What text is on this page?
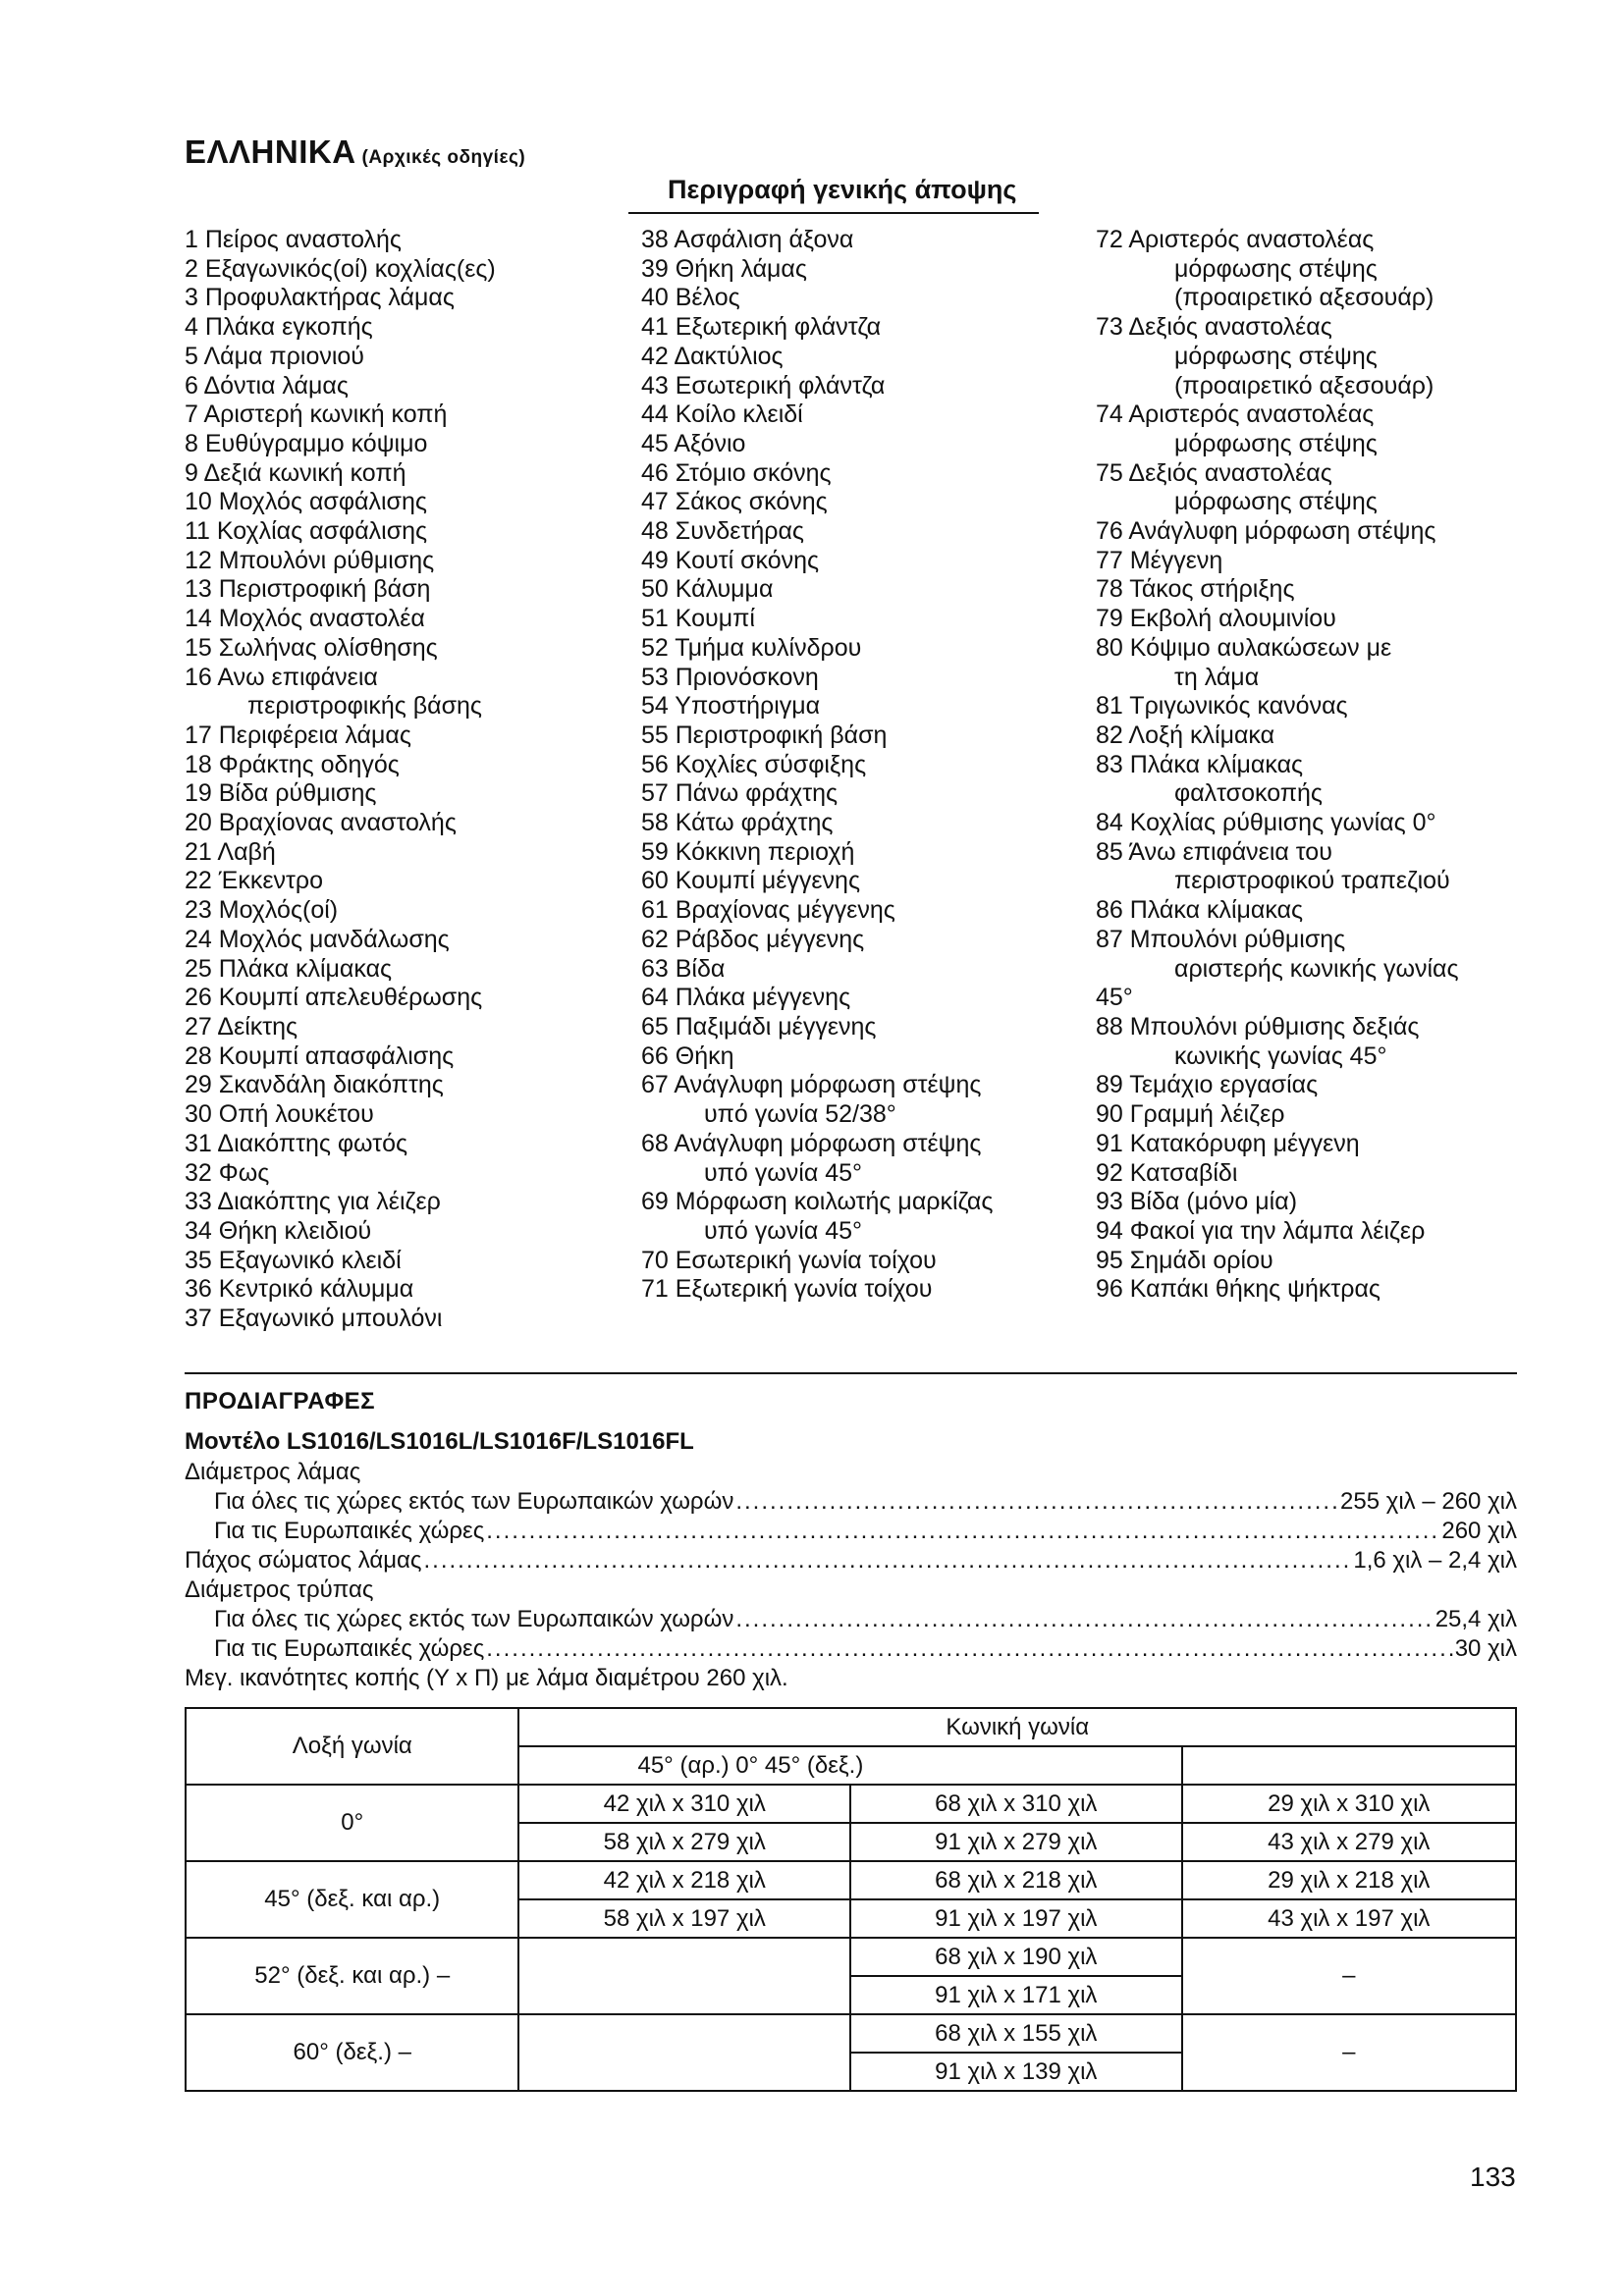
ΕΛΛΗΝΙΚΑ (Αρχικές οδηγίες)
Περιγραφή γενικής άποψης
1 Πείρος αναστολής
2 Εξαγωνικός(οί) κοχλίας(ες)
3 Προφυλακτήρας λάμας
4 Πλάκα εγκοπής
5 Λάμα πριονιού
6 Δόντια λάμας
7 Αριστερή κωνική κοπή
8 Ευθύγραμμο κόψιμο
9 Δεξιά κωνική κοπή
10 Μοχλός ασφάλισης
11 Κοχλίας ασφάλισης
12 Μπουλόνι ρύθμισης
13 Περιστροφική βάση
14 Μοχλός αναστολέα
15 Σωλήνας ολίσθησης
16 Ανω επιφάνεια
περιστροφικής βάσης
17 Περιφέρεια λάμας
18 Φράκτης οδηγός
19 Βίδα ρύθμισης
20 Βραχίονας αναστολής
21 Λαβή
22 Έκκεντρο
23 Μοχλός(οί)
24 Μοχλός μανδάλωσης
25 Πλάκα κλίμακας
26 Κουμπί απελευθέρωσης
27 Δείκτης
28 Κουμπί απασφάλισης
29 Σκανδάλη διακόπτης
30 Οπή λουκέτου
31 Διακόπτης φωτός
32 Φως
33 Διακόπτης για λέιζερ
34 Θήκη κλειδιού
35 Εξαγωνικό κλειδί
36 Κεντρικό κάλυμμα
37 Εξαγωνικό μπουλόνι
38 Ασφάλιση άξονα
39 Θήκη λάμας
40 Βέλος
41 Εξωτερική φλάντζα
42 Δακτύλιος
43 Εσωτερική φλάντζα
44 Κοίλο κλειδί
45 Αξόνιο
46 Στόμιο σκόνης
47 Σάκος σκόνης
48 Συνδετήρας
49 Κουτί σκόνης
50 Κάλυμμα
51 Κουμπί
52 Τμήμα κυλίνδρου
53 Πριονόσκονη
54 Υποστήριγμα
55 Περιστροφική βάση
56 Κοχλίες σύσφιξης
57 Πάνω φράχτης
58 Κάτω φράχτης
59 Κόκκινη περιοχή
60 Κουμπί μέγγενης
61 Βραχίονας μέγγενης
62 Ράβδος μέγγενης
63 Βίδα
64 Πλάκα μέγγενης
65 Παξιμάδι μέγγενης
66 Θήκη
67 Ανάγλυφη μόρφωση στέψης
υπό γωνία 52/38°
68 Ανάγλυφη μόρφωση στέψης
υπό γωνία 45°
69 Μόρφωση κοιλωτής μαρκίζας
υπό γωνία 45°
70 Εσωτερική γωνία τοίχου
71 Εξωτερική γωνία τοίχου
72 Αριστερός αναστολέας
μόρφωσης στέψης
(προαιρετικό αξεσουάρ)
73 Δεξιός αναστολέας
μόρφωσης στέψης
(προαιρετικό αξεσουάρ)
74 Αριστερός αναστολέας
μόρφωσης στέψης
75 Δεξιός αναστολέας
μόρφωσης στέψης
76 Ανάγλυφη μόρφωση στέψης
77 Μέγγενη
78 Τάκος στήριξης
79 Εκβολή αλουμινίου
80 Κόψιμο αυλακώσεων με
τη λάμα
81 Τριγωνικός κανόνας
82 Λοξή κλίμακα
83 Πλάκα κλίμακας
φαλτσοκοπής
84 Κοχλίας ρύθμισης γωνίας 0°
85 Άνω επιφάνεια του
περιστροφικού τραπεζιού
86 Πλάκα κλίμακας
87 Μπουλόνι ρύθμισης
αριστερής κωνικής γωνίας
45°
88 Μπουλόνι ρύθμισης δεξιάς
κωνικής γωνίας 45°
89 Τεμάχιο εργασίας
90 Γραμμή λέιζερ
91 Κατακόρυφη μέγγενη
92 Κατσαβίδι
93 Βίδα (μόνο μία)
94 Φακοί για την λάμπα λέιζερ
95 Σημάδι ορίου
96 Καπάκι θήκης ψήκτρας
ΠΡΟΔΙΑΓΡΑΦΕΣ
Μοντέλο LS1016/LS1016L/LS1016F/LS1016FL
Διάμετρος λάμας
Για όλες τις χώρες εκτός των Ευρωπαικών χωρών .....	255 χιλ – 260 χιλ
Για τις Ευρωπαικές χώρες .....	260 χιλ
Πάχος σώματος λάμας .....	1,6 χιλ – 2,4 χιλ
Διάμετρος τρύπας
Για όλες τις χώρες εκτός των Ευρωπαικών χωρών .....	25,4 χιλ
Για τις Ευρωπαικές χώρες .....	30 χιλ
Μεγ. ικανότητες κοπής (Υ x Π) με λάμα διαμέτρου 260 χιλ.
Λοξή γωνία	Κωνική γωνία		
	45° (αρ.) 0° 45° (δεξ.)		
0°	42 χιλ x 310 χιλ	68 χιλ x 310 χιλ	29 χιλ x 310 χιλ
	58 χιλ x 279 χιλ	91 χιλ x 279 χιλ	43 χιλ x 279 χιλ
45° (δεξ. και αρ.)	42 χιλ x 218 χιλ	68 χιλ x 218 χιλ	29 χιλ x 218 χιλ
	58 χιλ x 197 χιλ	91 χιλ x 197 χιλ	43 χιλ x 197 χιλ
52° (δεξ. και αρ.) –		68 χιλ x 190 χιλ	–
		91 χιλ x 171 χιλ	
60° (δεξ.) –		68 χιλ x 155 χιλ	–
		91 χιλ x 139 χιλ	
133
